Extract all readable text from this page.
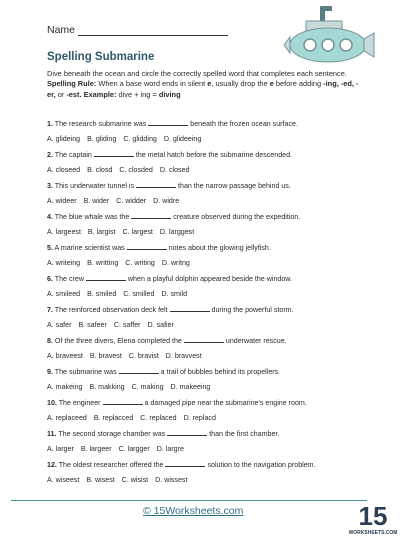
Name
Spelling Submarine

Dive beneath the ocean and circle the correctly spelled word that completes each sentence. Spelling Rule: When a base word ends in silent e, usually drop the e before adding -ing, -ed, -er, or -est. Example: dive + ing = diving

1. The research submarine was	beneath the frozen ocean surface.
A. glideing B. gliding C. glidding D. glideeing
2. The captain	the metal hatch before the submarine descended.
A. closeed B. closd C. closded D. closed
3. This underwater tunnel is	than the narrow passage behind us.
A. wideer B. wider C. widder D. widre
4. The blue whale was the	creature observed during the expedition.
A. largeest B. largist C. largest D. larggest
5. A marine scientist was	notes about the glowing jellyfish.
A. writeing B. writting C. writing D. writng
6. The crew	when a playful dolphin appeared beside the window.
A. smileed B. smiled C. smilled D. smild
7. The reinforced observation deck felt	during the powerful storm.
A. safer B. safeer C. saffer D. safier
8. Of the three divers, Elena completed the	underwater rescue.
A. braveest B. bravest C. bravist D. bravvest
9. The submarine was	a trail of bubbles behind its propellers.
A. makeing B. makking C. making D. makeeing
10. The engineer	a damaged pipe near the submarine's engine room.
A. replaceed B. replacced C. replaced D. replacd
11. The second storage chamber was	than the first chamber.
A. larger B. largeer C. largger D. largre
12. The oldest researcher offered the	solution to the navigation problem.
A. wiseest B. wisest C. wisist D. wissest
© 15Worksheets.com	15
WORKSHEETS.COM
